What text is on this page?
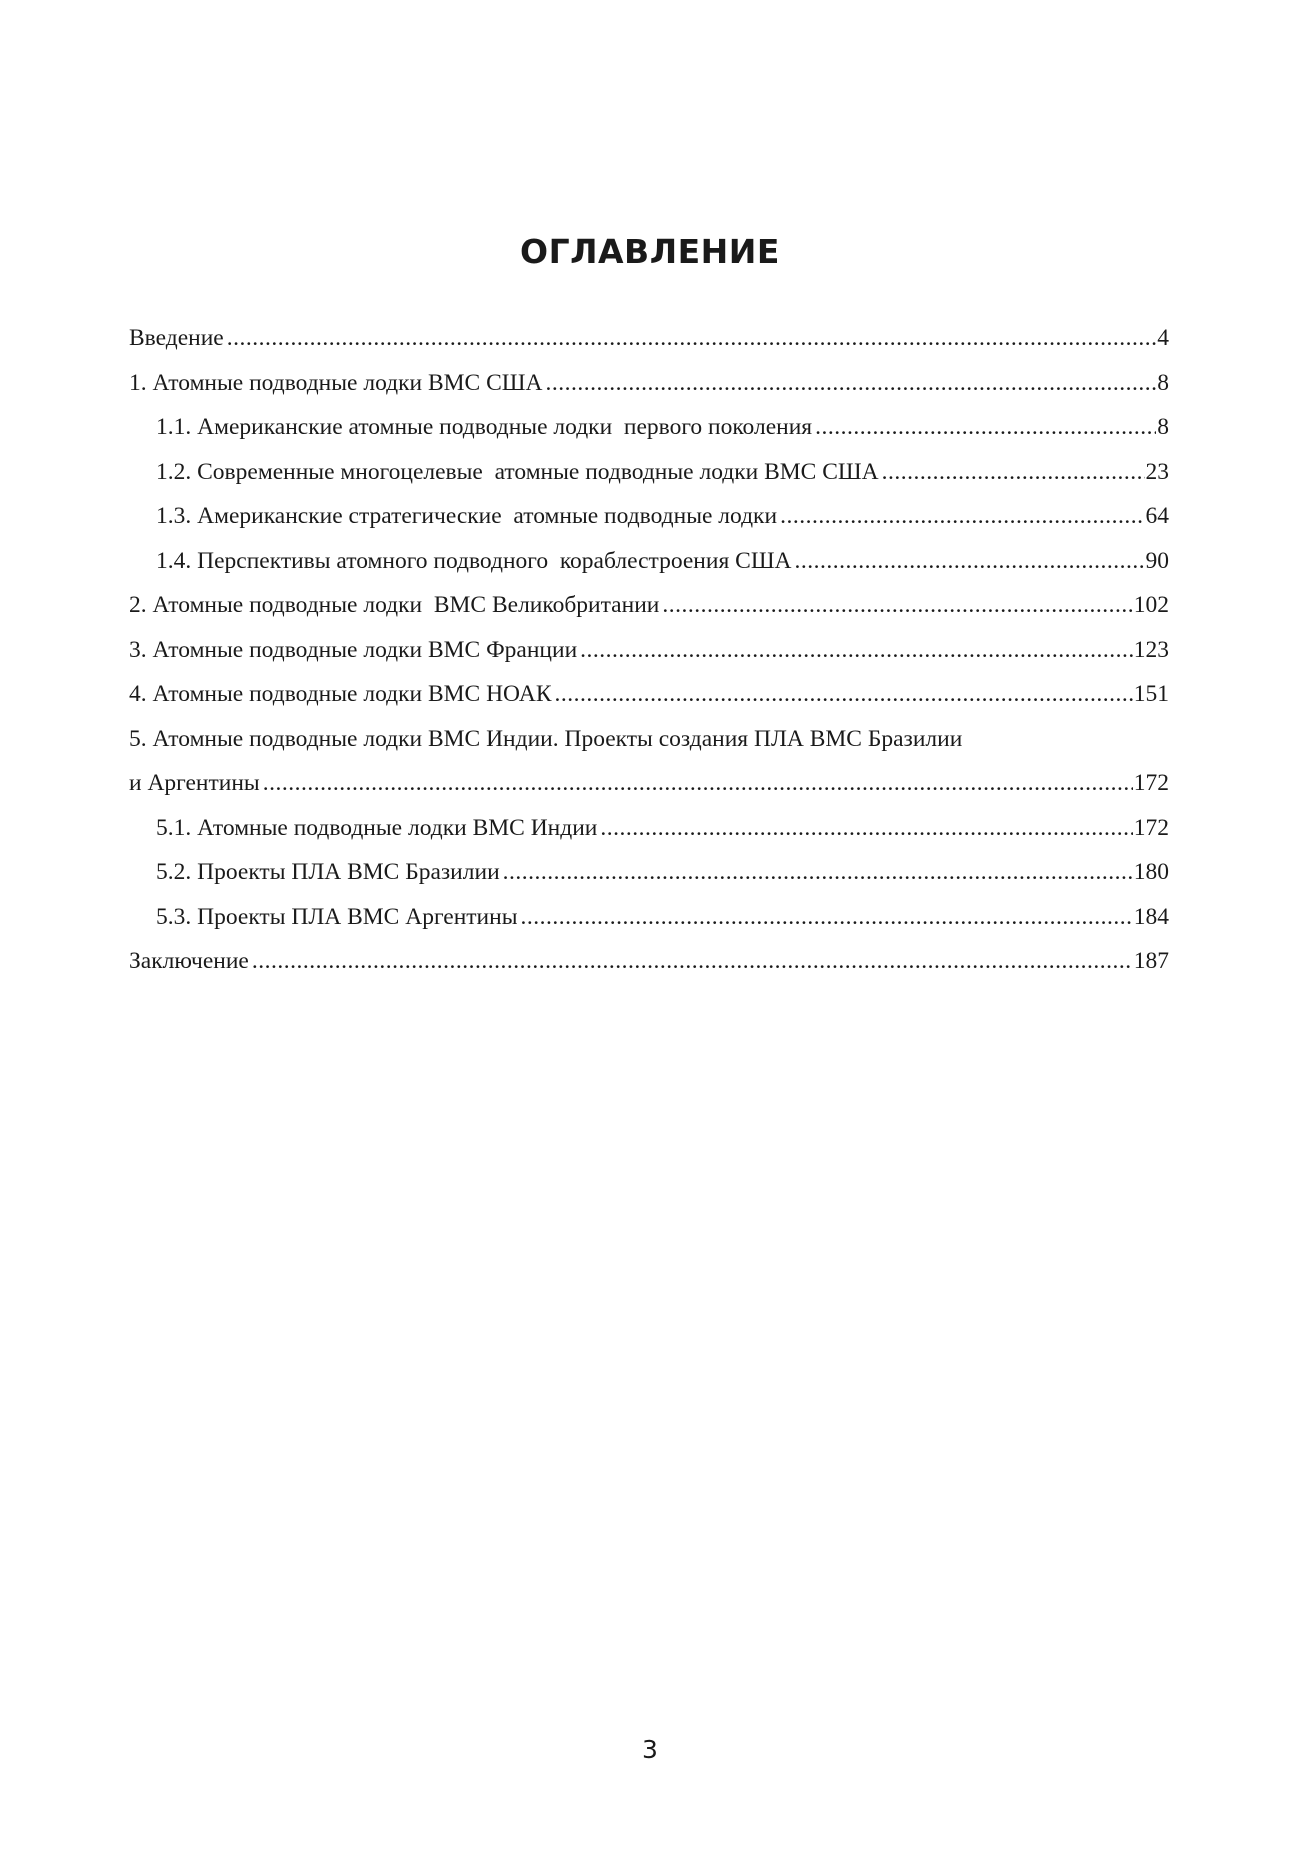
ОГЛАВЛЕНИЕ
Введение .....	4
1. Атомные подводные лодки ВМС США .....	8
1.1. Американские атомные подводные лодки  первого поколения .....	8
1.2. Современные многоцелевые  атомные подводные лодки ВМС США .....	23
1.3. Американские стратегические  атомные подводные лодки .....	64
1.4. Перспективы атомного подводного  кораблестроения США .....	90
2. Атомные подводные лодки  ВМС Великобритании .....	102
3. Атомные подводные лодки ВМС Франции .....	123
4. Атомные подводные лодки ВМС НОАК .....	151
5. Атомные подводные лодки ВМС Индии. Проекты создания ПЛА ВМС Бразилии
и Аргентины .....	172
5.1. Атомные подводные лодки ВМС Индии .....	172
5.2. Проекты ПЛА ВМС Бразилии .....	180
5.3. Проекты ПЛА ВМС Аргентины .....	184
Заключение .....	187
3
